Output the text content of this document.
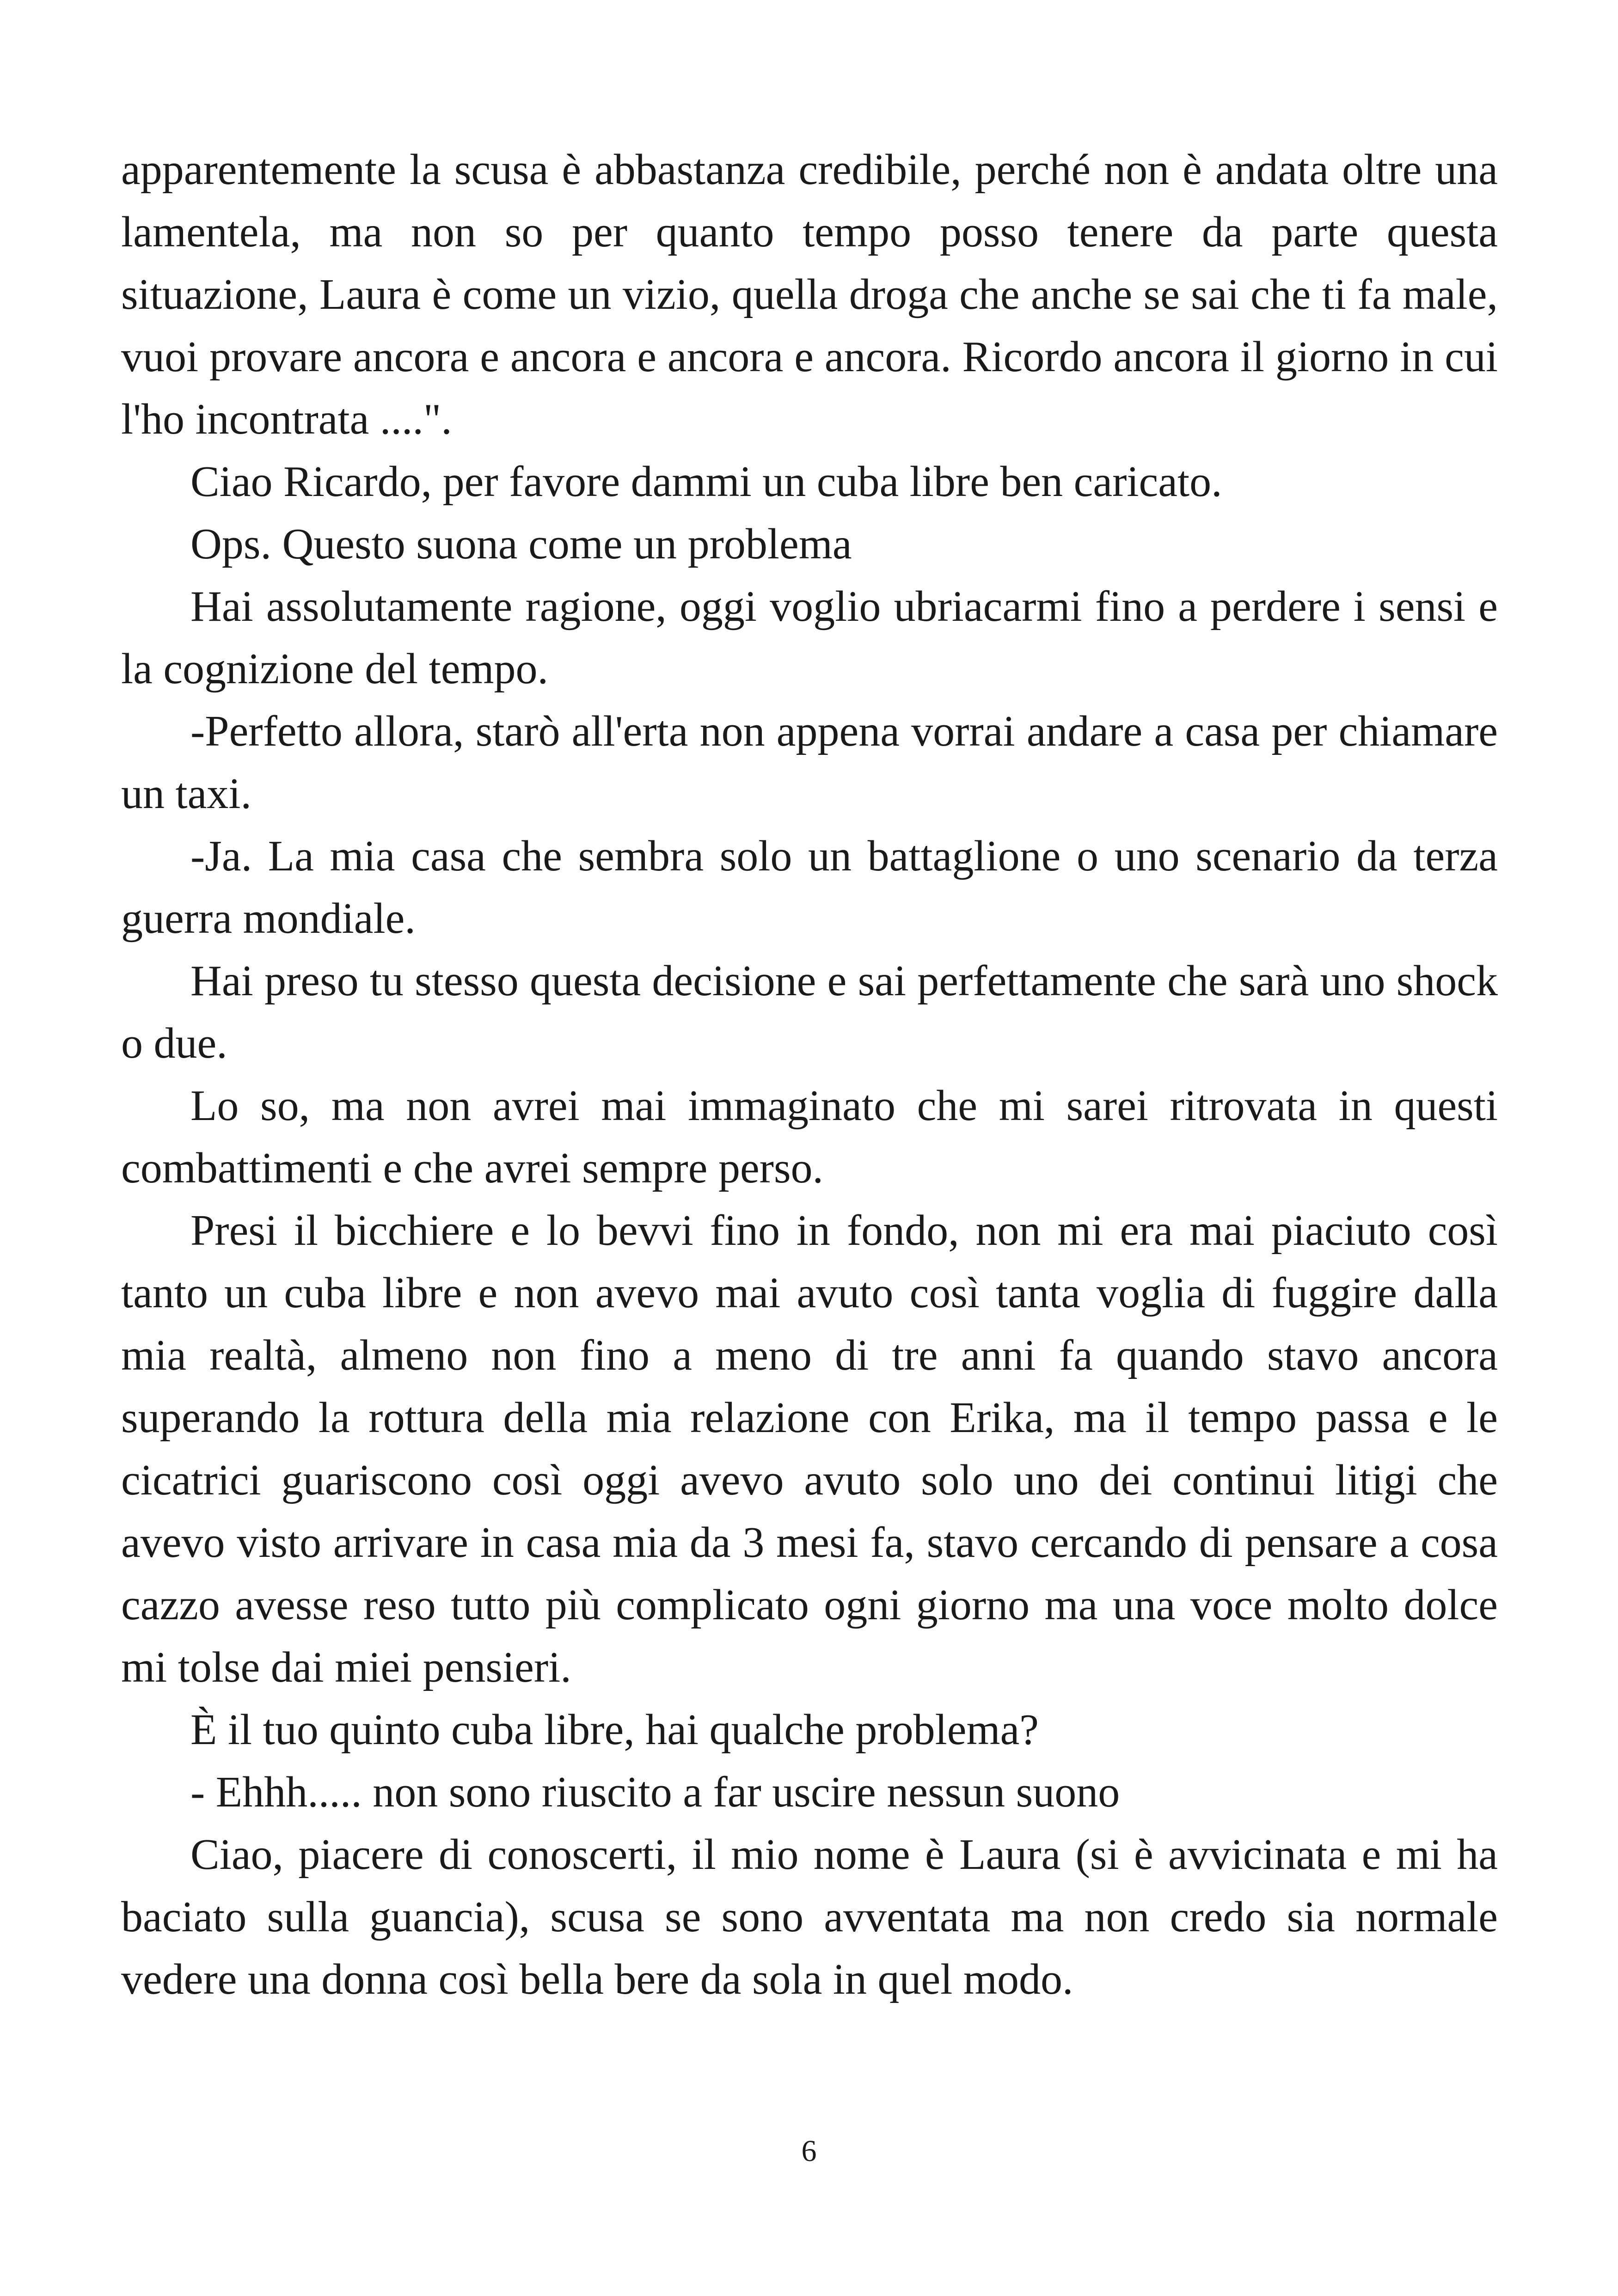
apparentemente la scusa è abbastanza credibile, perché non è andata oltre una lamentela, ma non so per quanto tempo posso tenere da parte questa situazione, Laura è come un vizio, quella droga che anche se sai che ti fa male, vuoi provare ancora e ancora e ancora e ancora. Ricordo ancora il giorno in cui l'ho incontrata ....".

Ciao Ricardo, per favore dammi un cuba libre ben caricato.

Ops. Questo suona come un problema

Hai assolutamente ragione, oggi voglio ubriacarmi fino a perdere i sensi e la cognizione del tempo.

-Perfetto allora, starò all'erta non appena vorrai andare a casa per chiamare un taxi.

-Ja. La mia casa che sembra solo un battaglione o uno scenario da terza guerra mondiale.

Hai preso tu stesso questa decisione e sai perfettamente che sarà uno shock o due.

Lo so, ma non avrei mai immaginato che mi sarei ritrovata in questi combattimenti e che avrei sempre perso.

Presi il bicchiere e lo bevvi fino in fondo, non mi era mai piaciuto così tanto un cuba libre e non avevo mai avuto così tanta voglia di fuggire dalla mia realtà, almeno non fino a meno di tre anni fa quando stavo ancora superando la rottura della mia relazione con Erika, ma il tempo passa e le cicatrici guariscono così oggi avevo avuto solo uno dei continui litigi che avevo visto arrivare in casa mia da 3 mesi fa, stavo cercando di pensare a cosa cazzo avesse reso tutto più complicato ogni giorno ma una voce molto dolce mi tolse dai miei pensieri.

È il tuo quinto cuba libre, hai qualche problema?

- Ehhh..... non sono riuscito a far uscire nessun suono

Ciao, piacere di conoscerti, il mio nome è Laura (si è avvicinata e mi ha baciato sulla guancia), scusa se sono avventata ma non credo sia normale vedere una donna così bella bere da sola in quel modo.

6
